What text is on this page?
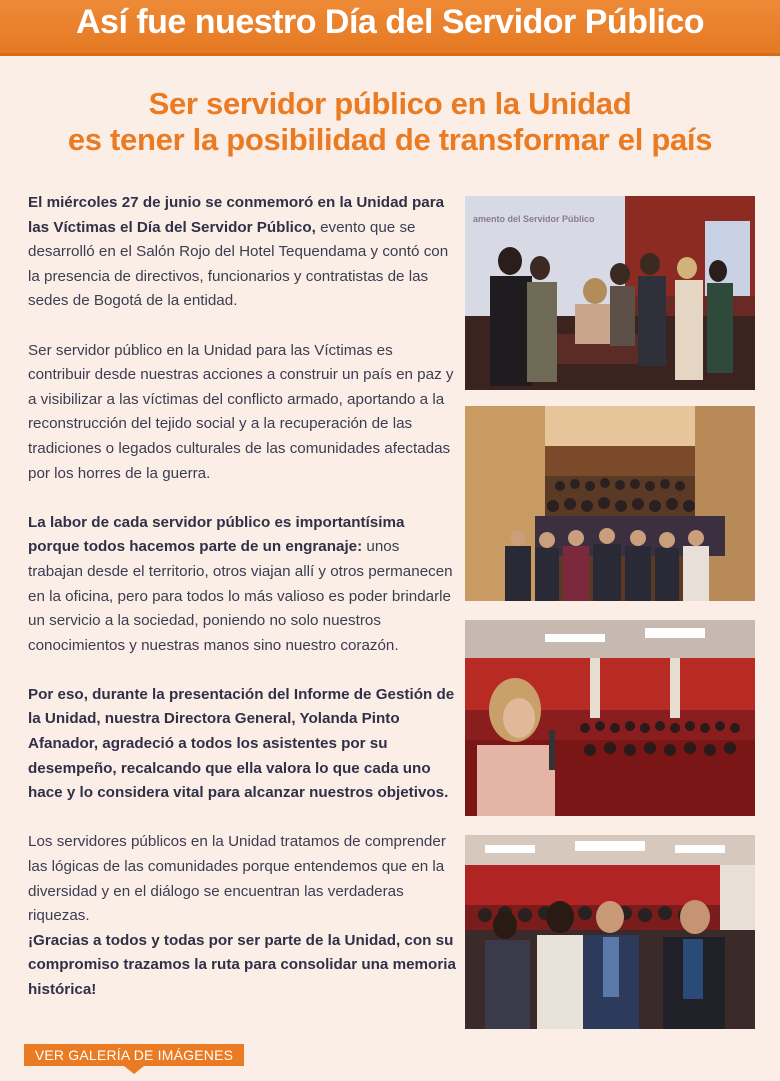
Así fue nuestro Día del Servidor Público
Ser servidor público en la Unidad
es tener la posibilidad de transformar el país

El miércoles 27 de junio se conmemoró en la Unidad para las Víctimas el Día del Servidor Público, evento que se desarrolló en el Salón Rojo del Hotel Tequendama y contó con la presencia de directivos, funcionarios y contratistas de las sedes de Bogotá de la entidad.

Ser servidor público en la Unidad para las Víctimas es contribuir desde nuestras acciones a construir un país en paz y a visibilizar a las víctimas del conflicto armado, aportando a la reconstrucción del tejido social y a la recuperación de las tradiciones o legados culturales de las comunidades afectadas por los horres de la guerra.

La labor de cada servidor público es importantísima porque todos hacemos parte de un engranaje: unos trabajan desde el territorio, otros viajan allí y otros permanecen en la oficina, pero para todos lo más valioso es poder brindarle un servicio a la sociedad, poniendo no solo nuestros conocimientos y nuestras manos sino nuestro corazón.

Por eso, durante la presentación del Informe de Gestión de la Unidad, nuestra Directora General, Yolanda Pinto Afanador, agradeció a todos los asistentes por su desempeño, recalcando que ella valora lo que cada uno hace y lo considera vital para alcanzar nuestros objetivos.

Los servidores públicos en la Unidad tratamos de comprender las lógicas de las comunidades porque entendemos que en la diversidad y en el diálogo se encuentran las verdaderas riquezas.

¡Gracias a todos y todas por ser parte de la Unidad, con su compromiso trazamos la ruta para consolidar una memoria histórica!

amento del Servidor Público
VER GALERÍA DE IMÁGENES
